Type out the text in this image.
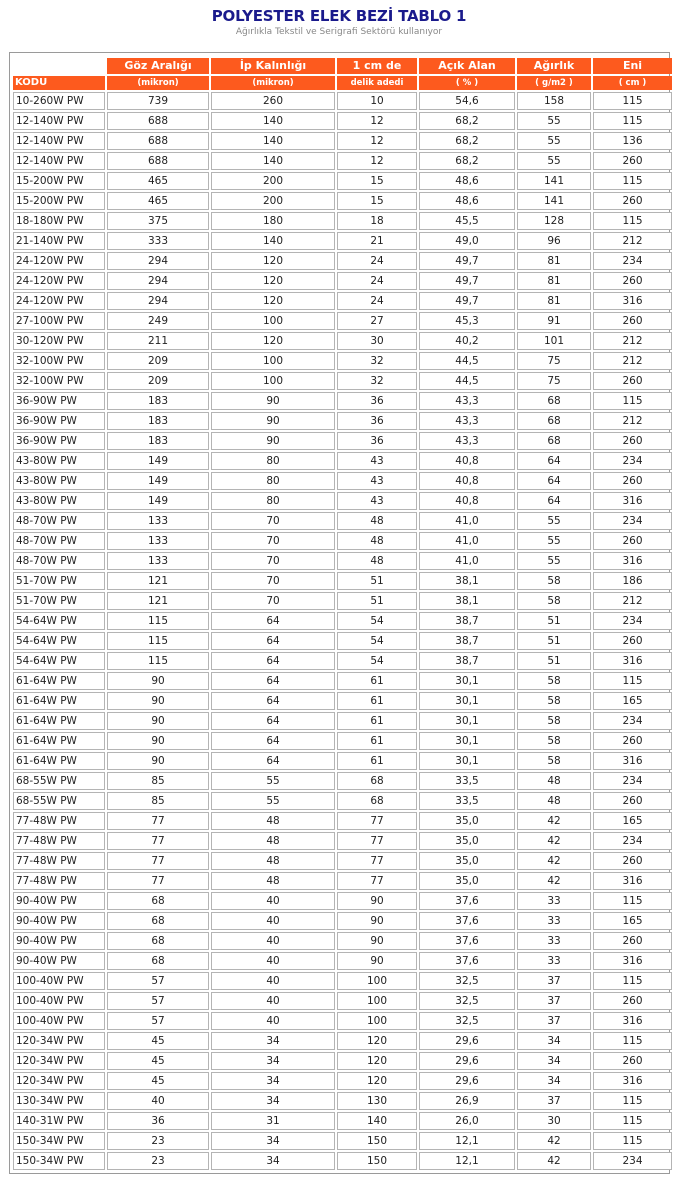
POLYESTER ELEK BEZİ TABLO 1
Ağırlıkla Tekstil ve Serigrafi Sektörü kullanıyor
	Göz Aralığı	İp Kalınlığı	1 cm de	Açık Alan	Ağırlık	Eni
KODU	(mikron)	(mikron)	delik adedi	( % )	( g/m2 )	( cm )
10-260W PW	739	260	10	54,6	158	115
12-140W PW	688	140	12	68,2	55	115
12-140W PW	688	140	12	68,2	55	136
12-140W PW	688	140	12	68,2	55	260
15-200W PW	465	200	15	48,6	141	115
15-200W PW	465	200	15	48,6	141	260
18-180W PW	375	180	18	45,5	128	115
21-140W PW	333	140	21	49,0	96	212
24-120W PW	294	120	24	49,7	81	234
24-120W PW	294	120	24	49,7	81	260
24-120W PW	294	120	24	49,7	81	316
27-100W PW	249	100	27	45,3	91	260
30-120W PW	211	120	30	40,2	101	212
32-100W PW	209	100	32	44,5	75	212
32-100W PW	209	100	32	44,5	75	260
36-90W PW	183	90	36	43,3	68	115
36-90W PW	183	90	36	43,3	68	212
36-90W PW	183	90	36	43,3	68	260
43-80W PW	149	80	43	40,8	64	234
43-80W PW	149	80	43	40,8	64	260
43-80W PW	149	80	43	40,8	64	316
48-70W PW	133	70	48	41,0	55	234
48-70W PW	133	70	48	41,0	55	260
48-70W PW	133	70	48	41,0	55	316
51-70W PW	121	70	51	38,1	58	186
51-70W PW	121	70	51	38,1	58	212
54-64W PW	115	64	54	38,7	51	234
54-64W PW	115	64	54	38,7	51	260
54-64W PW	115	64	54	38,7	51	316
61-64W PW	90	64	61	30,1	58	115
61-64W PW	90	64	61	30,1	58	165
61-64W PW	90	64	61	30,1	58	234
61-64W PW	90	64	61	30,1	58	260
61-64W PW	90	64	61	30,1	58	316
68-55W PW	85	55	68	33,5	48	234
68-55W PW	85	55	68	33,5	48	260
77-48W PW	77	48	77	35,0	42	165
77-48W PW	77	48	77	35,0	42	234
77-48W PW	77	48	77	35,0	42	260
77-48W PW	77	48	77	35,0	42	316
90-40W PW	68	40	90	37,6	33	115
90-40W PW	68	40	90	37,6	33	165
90-40W PW	68	40	90	37,6	33	260
90-40W PW	68	40	90	37,6	33	316
100-40W PW	57	40	100	32,5	37	115
100-40W PW	57	40	100	32,5	37	260
100-40W PW	57	40	100	32,5	37	316
120-34W PW	45	34	120	29,6	34	115
120-34W PW	45	34	120	29,6	34	260
120-34W PW	45	34	120	29,6	34	316
130-34W PW	40	34	130	26,9	37	115
140-31W PW	36	31	140	26,0	30	115
150-34W PW	23	34	150	12,1	42	115
150-34W PW	23	34	150	12,1	42	234
